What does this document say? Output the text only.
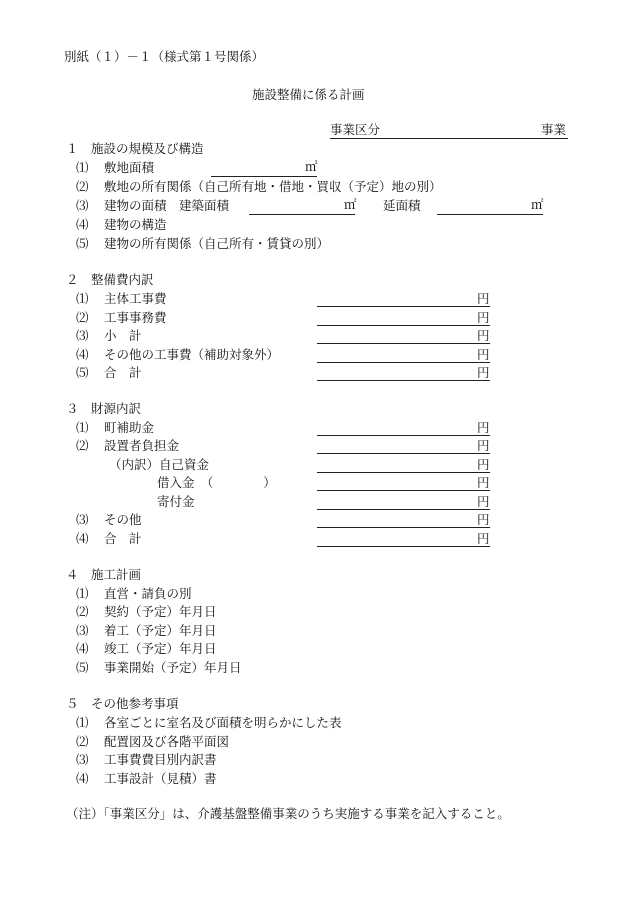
別紙（１）－１（様式第１号関係）
施設整備に係る計画
事業区分	事業
１　施設の規模及び構造
⑴ 敷地面積	㎡
⑵ 敷地の所有関係（自己所有地・借地・買収（予定）地の別）
⑶ 建物の面積　建築面積	㎡ 延面積	㎡
⑷ 建物の構造
⑸ 建物の所有関係（自己所有・賃貸の別）
２　整備費内訳
⑴ 主体工事費	円
⑵ 工事事務費	円
⑶ 小　計	円
⑷ その他の工事費（補助対象外）	円
⑸ 合　計	円
３　財源内訳
⑴ 町補助金	円
⑵ 設置者負担金	円
（内訳）自己資金	円
借入金　（　　　　）	円
寄付金	円
⑶ その他	円
⑷ 合　計	円
４　施工計画
⑴ 直営・請負の別
⑵ 契約（予定）年月日
⑶ 着工（予定）年月日
⑷ 竣工（予定）年月日
⑸ 事業開始（予定）年月日
５　その他参考事項
⑴ 各室ごとに室名及び面積を明らかにした表
⑵ 配置図及び各階平面図
⑶ 工事費費目別内訳書
⑷ 工事設計（見積）書
（注）「事業区分」は、介護基盤整備事業のうち実施する事業を記入すること。
